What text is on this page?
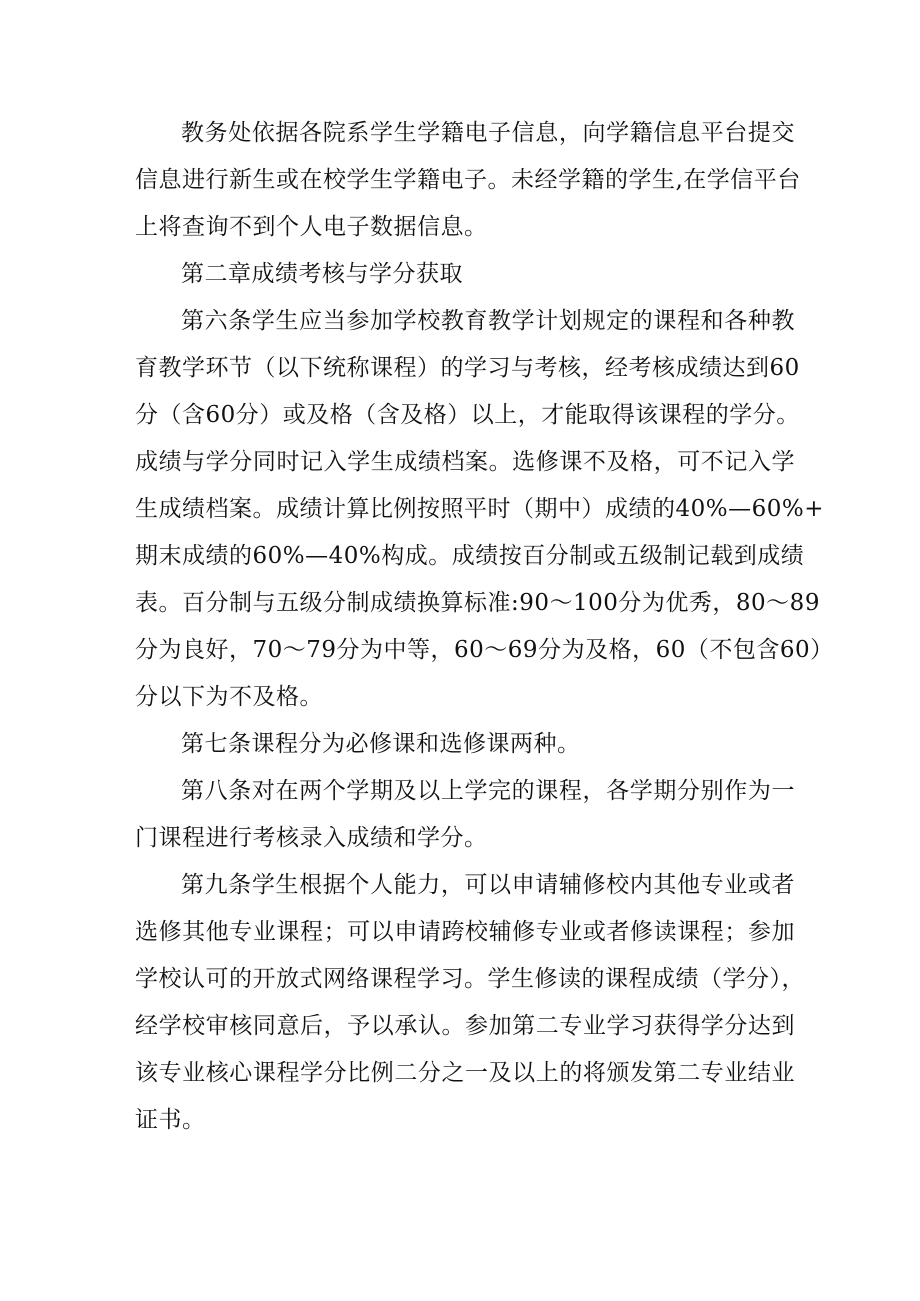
教务处依据各院系学生学籍电子信息，向学籍信息平台提交
信息进行新生或在校学生学籍电子。未经学籍的学生,在学信平台
上将查询不到个人电子数据信息。
第二章成绩考核与学分获取
第六条学生应当参加学校教育教学计划规定的课程和各种教
育教学环节（以下统称课程）的学习与考核，经考核成绩达到60
分（含60分）或及格（含及格）以上，才能取得该课程的学分。
成绩与学分同时记入学生成绩档案。选修课不及格，可不记入学
生成绩档案。成绩计算比例按照平时（期中）成绩的40%—60%+
期末成绩的60%—40%构成。成绩按百分制或五级制记载到成绩
表。百分制与五级分制成绩换算标准:90～100分为优秀，80～89
分为良好，70～79分为中等，60～69分为及格，60（不包含60）
分以下为不及格。
第七条课程分为必修课和选修课两种。
第八条对在两个学期及以上学完的课程，各学期分别作为一
门课程进行考核录入成绩和学分。
第九条学生根据个人能力，可以申请辅修校内其他专业或者
选修其他专业课程；可以申请跨校辅修专业或者修读课程；参加
学校认可的开放式网络课程学习。学生修读的课程成绩（学分），
经学校审核同意后，予以承认。参加第二专业学习获得学分达到
该专业核心课程学分比例二分之一及以上的将颁发第二专业结业
证书。
